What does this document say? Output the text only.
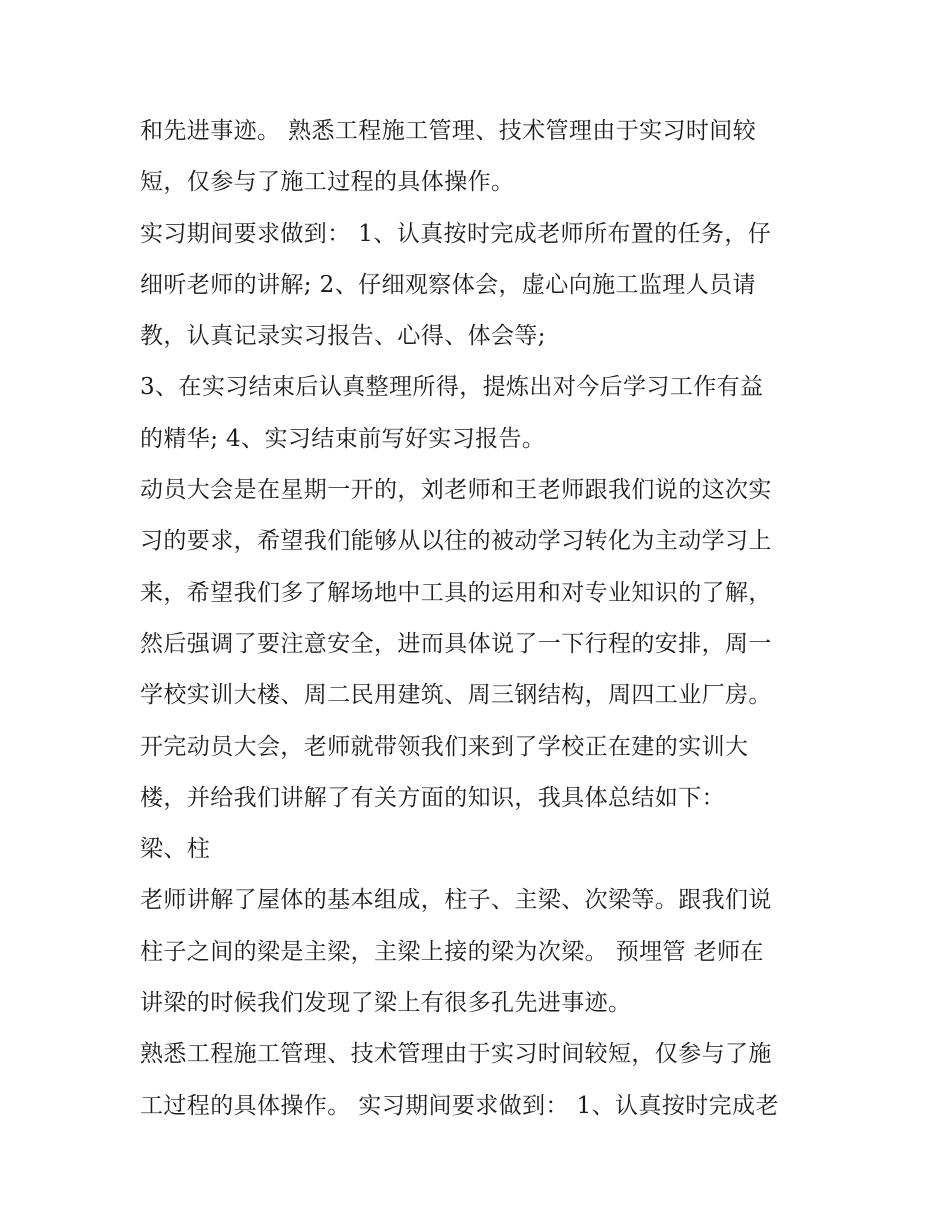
和先进事迹。 熟悉工程施工管理、技术管理由于实习时间较
短，仅参与了施工过程的具体操作。
实习期间要求做到： 1、认真按时完成老师所布置的任务，仔
细听老师的讲解; 2、仔细观察体会，虚心向施工监理人员请
教，认真记录实习报告、心得、体会等;
3、在实习结束后认真整理所得，提炼出对今后学习工作有益
的精华; 4、实习结束前写好实习报告。
动员大会是在星期一开的，刘老师和王老师跟我们说的这次实
习的要求，希望我们能够从以往的被动学习转化为主动学习上
来，希望我们多了解场地中工具的运用和对专业知识的了解，
然后强调了要注意安全，进而具体说了一下行程的安排，周一
学校实训大楼、周二民用建筑、周三钢结构，周四工业厂房。
开完动员大会，老师就带领我们来到了学校正在建的实训大
楼，并给我们讲解了有关方面的知识，我具体总结如下：
梁、柱
老师讲解了屋体的基本组成，柱子、主梁、次梁等。跟我们说
柱子之间的梁是主梁，主梁上接的梁为次梁。 预埋管 老师在
讲梁的时候我们发现了梁上有很多孔先进事迹。
熟悉工程施工管理、技术管理由于实习时间较短，仅参与了施
工过程的具体操作。 实习期间要求做到： 1、认真按时完成老
